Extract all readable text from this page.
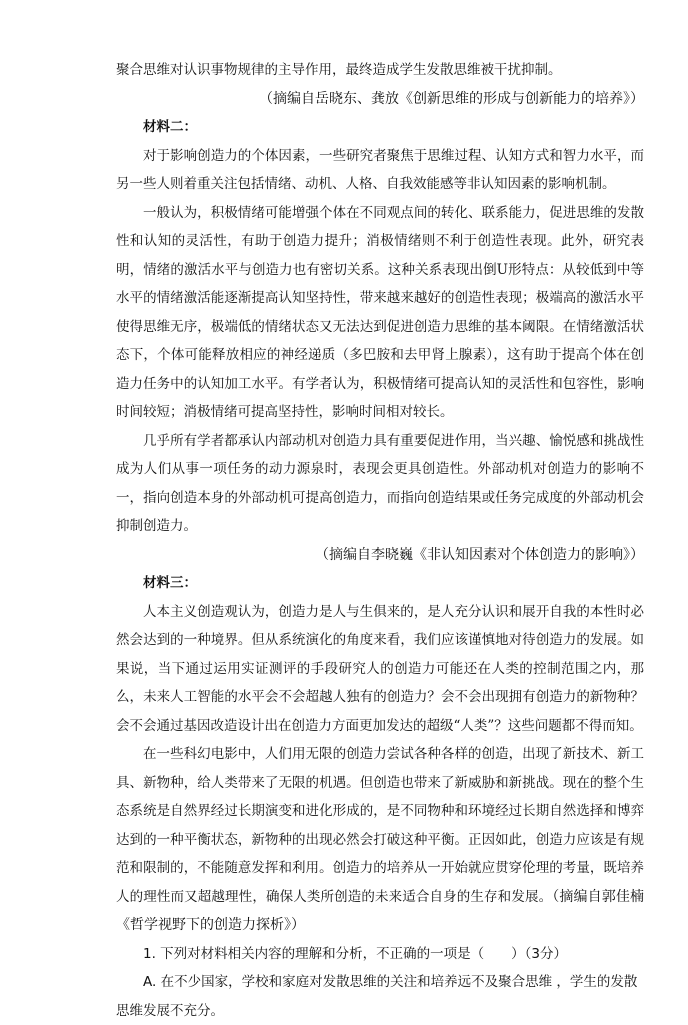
聚合思维对认识事物规律的主导作用，最终造成学生发散思维被干扰抑制。

（摘编自岳晓东、龚放《创新思维的形成与创新能力的培养》）

材料二：

对于影响创造力的个体因素，一些研究者聚焦于思维过程、认知方式和智力水平，而另一些人则着重关注包括情绪、动机、人格、自我效能感等非认知因素的影响机制。

一般认为，积极情绪可能增强个体在不同观点间的转化、联系能力，促进思维的发散性和认知的灵活性，有助于创造力提升；消极情绪则不利于创造性表现。此外，研究表明，情绪的激活水平与创造力也有密切关系。这种关系表现出倒U形特点：从较低到中等水平的情绪激活能逐渐提高认知坚持性，带来越来越好的创造性表现；极端高的激活水平使得思维无序，极端低的情绪状态又无法达到促进创造力思维的基本阈限。在情绪激活状态下，个体可能释放相应的神经递质（多巴胺和去甲肾上腺素），这有助于提高个体在创造力任务中的认知加工水平。有学者认为，积极情绪可提高认知的灵活性和包容性，影响时间较短；消极情绪可提高坚持性，影响时间相对较长。

几乎所有学者都承认内部动机对创造力具有重要促进作用，当兴趣、愉悦感和挑战性成为人们从事一项任务的动力源泉时，表现会更具创造性。外部动机对创造力的影响不一，指向创造本身的外部动机可提高创造力，而指向创造结果或任务完成度的外部动机会抑制创造力。

（摘编自李晓巍《非认知因素对个体创造力的影响》）

材料三：

人本主义创造观认为，创造力是人与生俱来的，是人充分认识和展开自我的本性时必然会达到的一种境界。但从系统演化的角度来看，我们应该谨慎地对待创造力的发展。如果说，当下通过运用实证测评的手段研究人的创造力可能还在人类的控制范围之内，那么，未来人工智能的水平会不会超越人独有的创造力？会不会出现拥有创造力的新物种？会不会通过基因改造设计出在创造力方面更加发达的超级“人类”？这些问题都不得而知。

在一些科幻电影中，人们用无限的创造力尝试各种各样的创造，出现了新技术、新工具、新物种，给人类带来了无限的机遇。但创造也带来了新威胁和新挑战。现在的整个生态系统是自然界经过长期演变和进化形成的，是不同物种和环境经过长期自然选择和博弈达到的一种平衡状态，新物种的出现必然会打破这种平衡。正因如此，创造力应该是有规范和限制的，不能随意发挥和利用。创造力的培养从一开始就应贯穿伦理的考量，既培养人的理性而又超越理性，确保人类所创造的未来适合自身的生存和发展。（摘编自郭佳楠《哲学视野下的创造力探析》）

1. 下列对材料相关内容的理解和分析，不正确的一项是（　　）（3分）

A. 在不少国家，学校和家庭对发散思维的关注和培养远不及聚合思维 ，学生的发散思维发展不充分。
